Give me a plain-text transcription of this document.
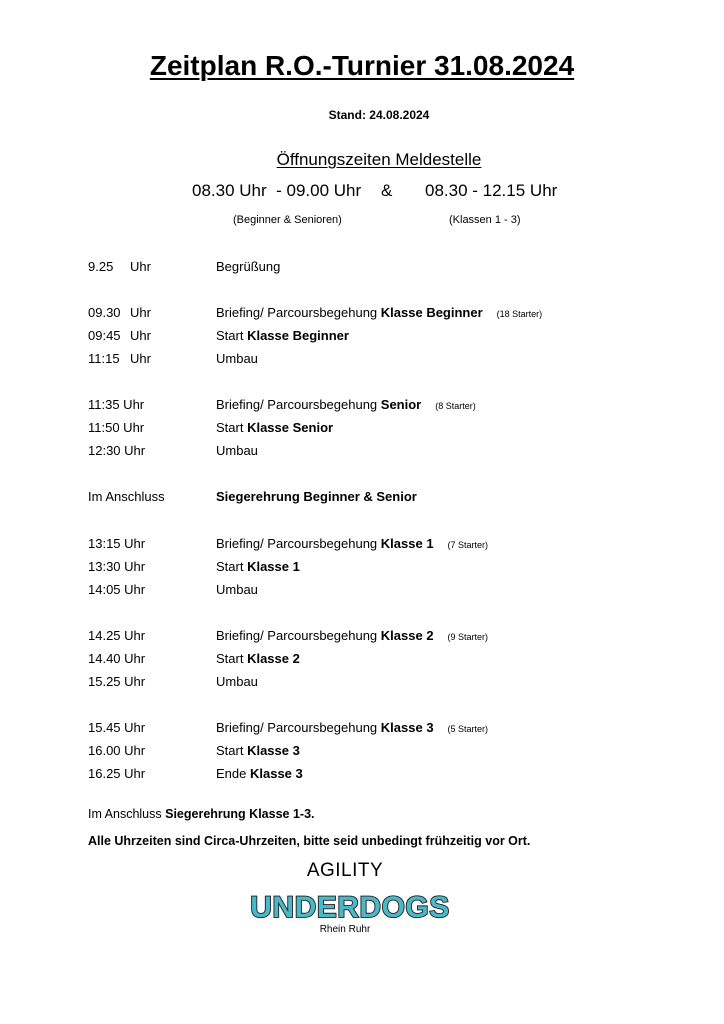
Zeitplan R.O.-Turnier 31.08.2024
Stand: 24.08.2024
Öffnungszeiten Meldestelle
08.30 Uhr  - 09.00 Uhr & 08.30 - 12.15 Uhr
(Beginner & Senioren)	(Klassen 1 - 3)
9.25 Uhr	Begrüßung
09.30 Uhr	Briefing/ Parcoursbegehung Klasse Beginner (18 Starter)
09:45 Uhr	Start Klasse Beginner
11:15 Uhr	Umbau
11:35 Uhr	Briefing/ Parcoursbegehung Senior (8 Starter)
11:50 Uhr	Start Klasse Senior
12:30 Uhr	Umbau
Im Anschluss	Siegerehrung Beginner & Senior
13:15 Uhr	Briefing/ Parcoursbegehung Klasse 1 (7 Starter)
13:30 Uhr	Start Klasse 1
14:05 Uhr	Umbau
14.25 Uhr	Briefing/ Parcoursbegehung Klasse 2 (9 Starter)
14.40 Uhr	Start Klasse 2
15.25 Uhr	Umbau
15.45 Uhr	Briefing/ Parcoursbegehung Klasse 3 (5 Starter)
16.00 Uhr	Start Klasse 3
16.25 Uhr	Ende Klasse 3
Im Anschluss Siegerehrung Klasse 1-3.
Alle Uhrzeiten sind Circa-Uhrzeiten, bitte seid unbedingt frühzeitig vor Ort.
AGILITY
UNDERDOGS
Rhein Ruhr
